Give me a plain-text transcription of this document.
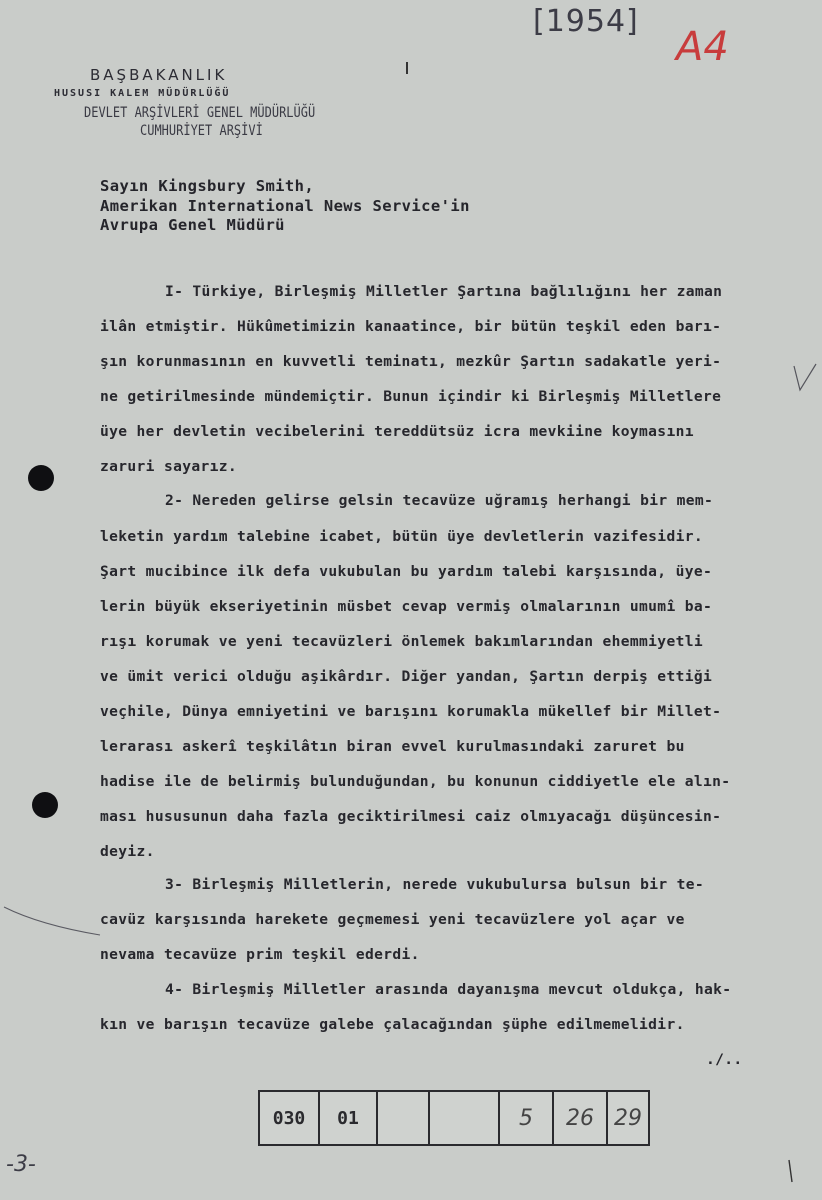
[1954]
A4
-3-
BAŞBAKANLIK
HUSUSI KALEM MÜDÜRLÜĞÜ
DEVLET ARŞİVLERİ GENEL MÜDÜRLÜĞÜ
CUMHURİYET ARŞİVİ
Sayın Kingsbury Smith,
Amerikan International News Service'in
Avrupa Genel Müdürü
I- Türkiye, Birleşmiş Milletler Şartına bağlılığını her zaman
ilân etmiştir. Hükûmetimizin kanaatince, bir bütün teşkil eden barı-
şın korunmasının en kuvvetli teminatı, mezkûr Şartın sadakatle yeri-
ne getirilmesinde mündemiçtir. Bunun içindir ki Birleşmiş Milletlere
üye her devletin vecibelerini tereddütsüz icra mevkiine koymasını
zaruri sayarız.
2- Nereden gelirse gelsin tecavüze uğramış herhangi bir mem-
leketin yardım talebine icabet, bütün üye devletlerin vazifesidir.
Şart mucibince ilk defa vukubulan bu yardım talebi karşısında, üye-
lerin büyük ekseriyetinin müsbet cevap vermiş olmalarının umumî ba-
rışı korumak ve yeni tecavüzleri önlemek bakımlarından ehemmiyetli
ve ümit verici olduğu aşikârdır. Diğer yandan, Şartın derpiş ettiği
veçhile, Dünya emniyetini ve barışını korumakla mükellef bir Millet-
lerarası askerî teşkilâtın biran evvel kurulmasındaki zaruret bu
hadise ile de belirmiş bulunduğundan, bu konunun ciddiyetle ele alın-
ması hususunun daha fazla geciktirilmesi caiz olmıyacağı düşüncesin-
deyiz.
3- Birleşmiş Milletlerin, nerede vukubulursa bulsun bir te-
cavüz karşısında harekete geçmemesi yeni tecavüzlere yol açar ve
nevama tecavüze prim teşkil ederdi.
4- Birleşmiş Milletler arasında dayanışma mevcut oldukça, hak-
kın ve barışın tecavüze galebe çalacağından şüphe edilmemelidir.
./..
030	01	5 26 29
